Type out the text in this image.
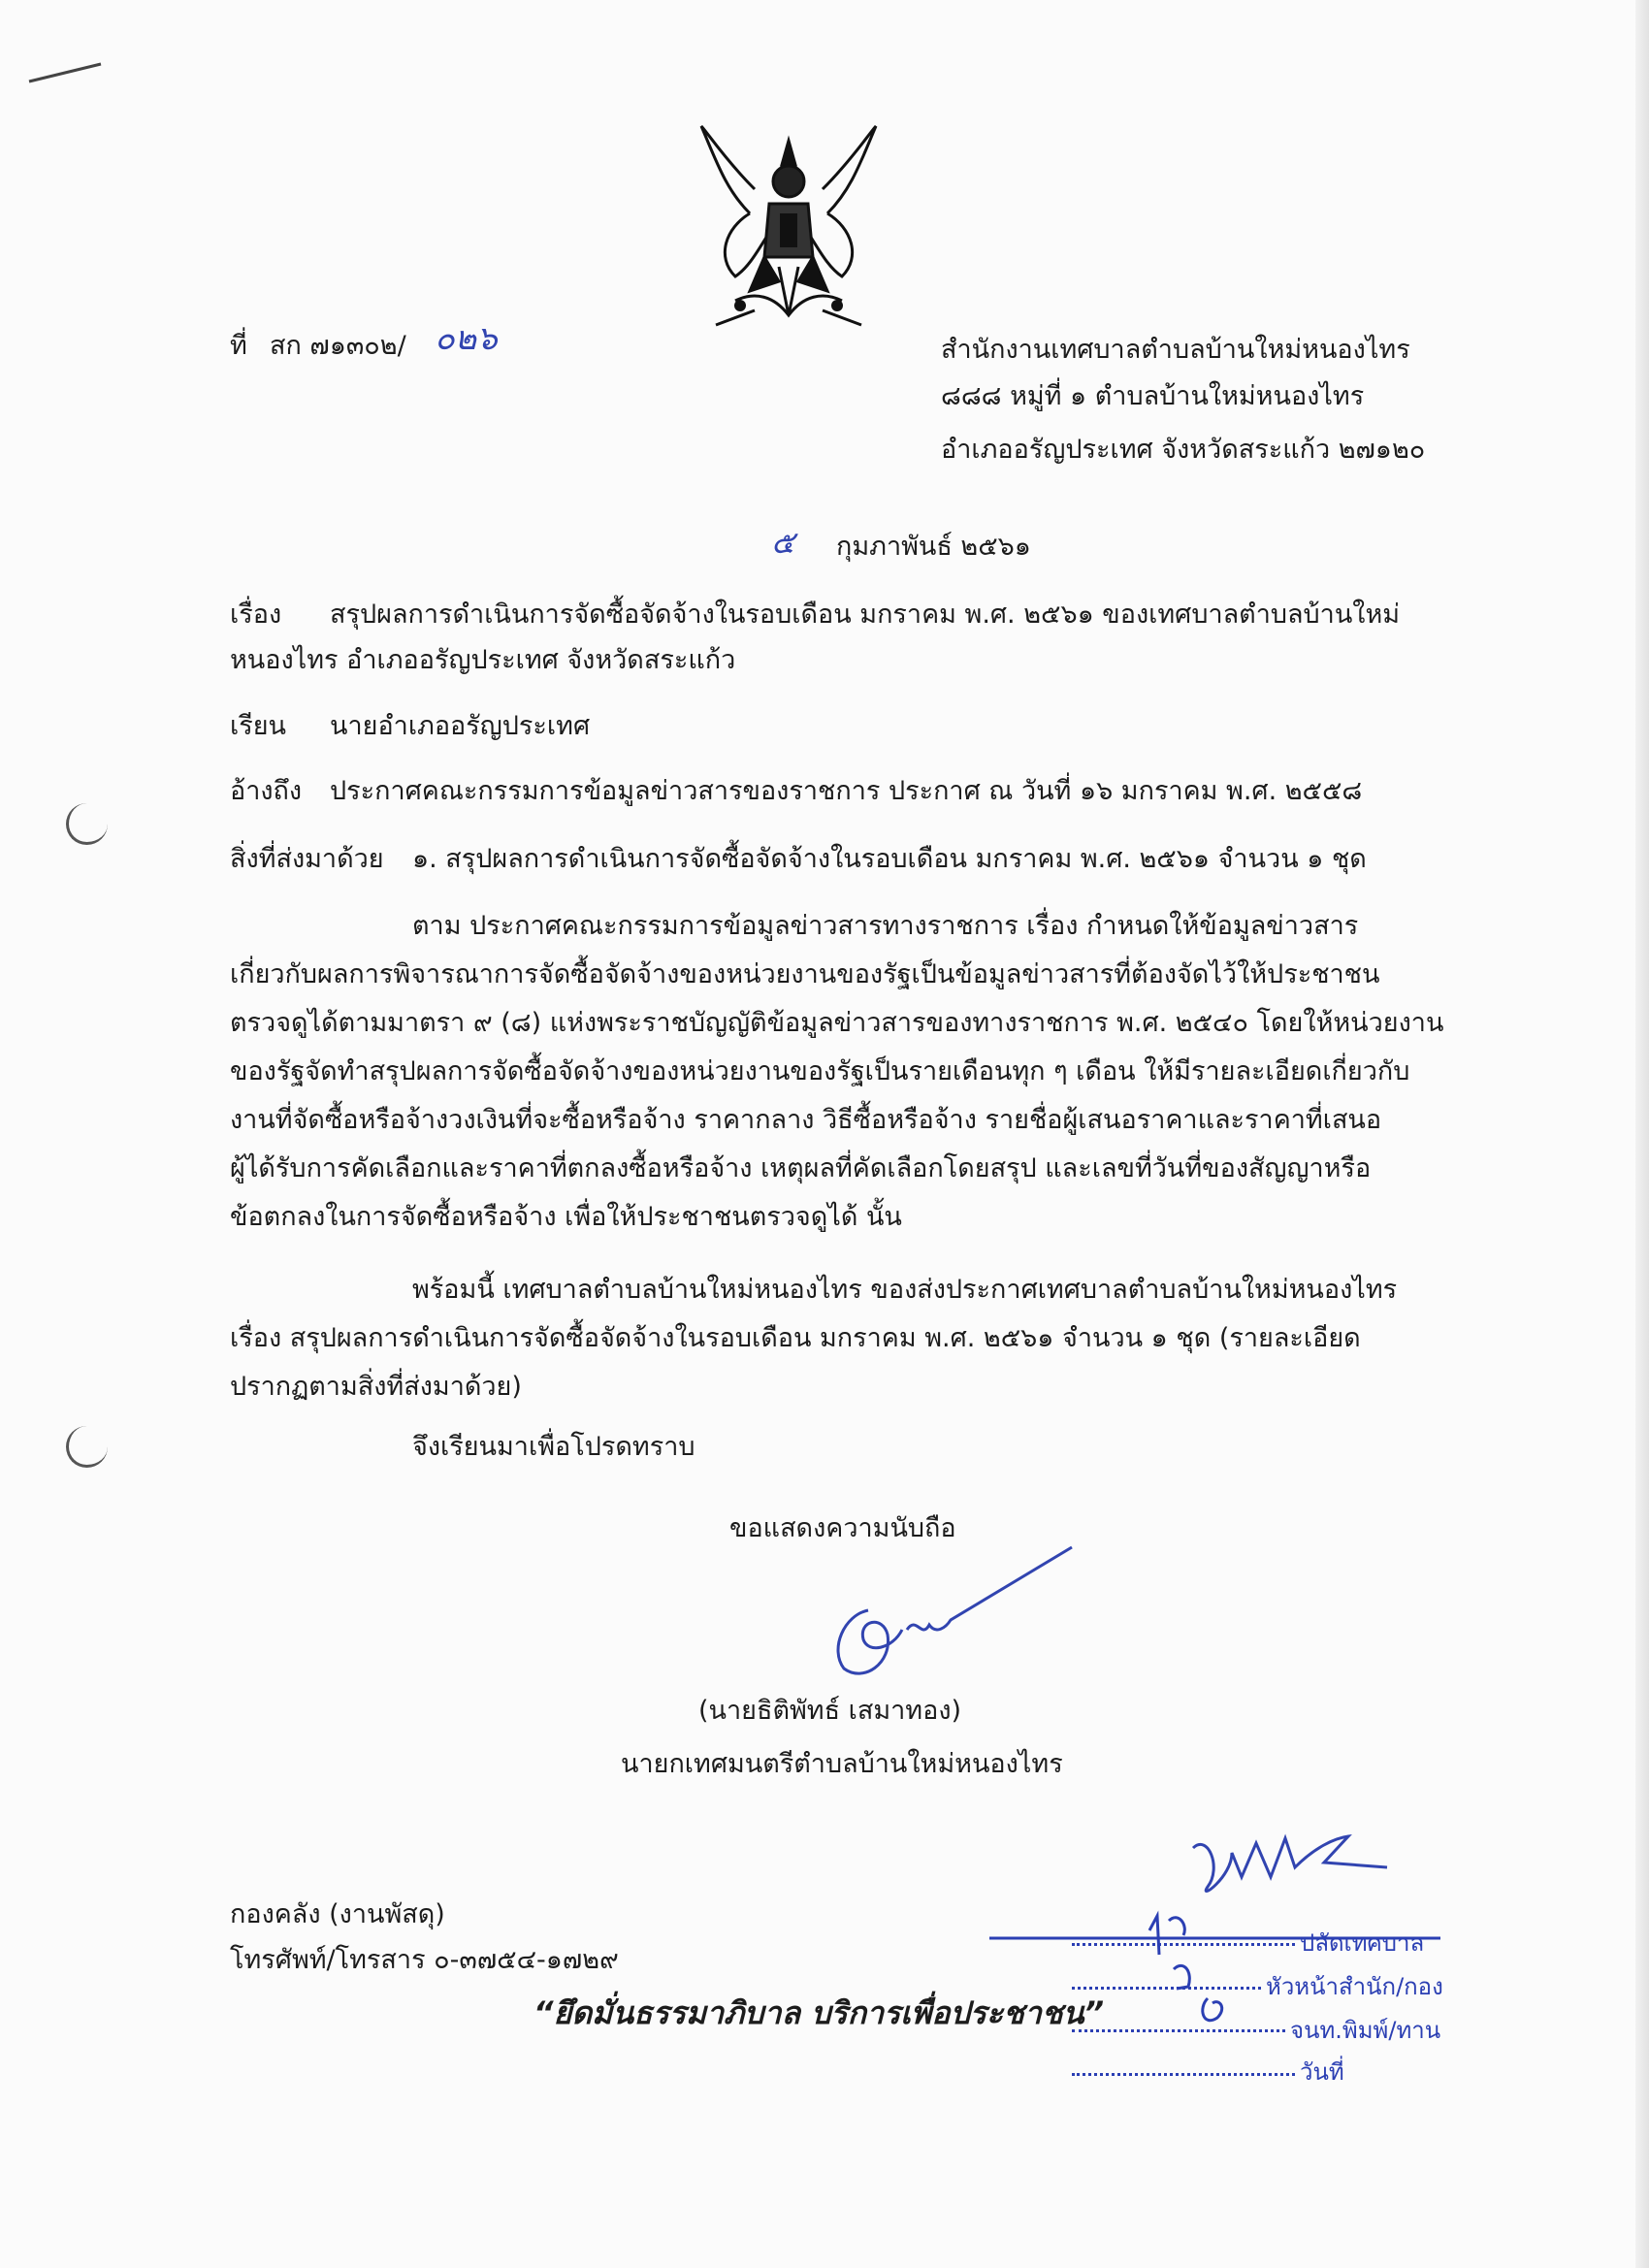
ที่ สก ๗๑๓๐๒/ ๐๒๖	สำนักงานเทศบาลตำบลบ้านใหม่หนองไทร
๘๘๘ หมู่ที่ ๑ ตำบลบ้านใหม่หนองไทร
อำเภออรัญประเทศ จังหวัดสระแก้ว ๒๗๑๒๐
๕ กุมภาพันธ์ ๒๕๖๑
เรื่อง สรุปผลการดำเนินการจัดซื้อจัดจ้างในรอบเดือน มกราคม พ.ศ. ๒๕๖๑ ของเทศบาลตำบลบ้านใหม่
หนองไทร อำเภออรัญประเทศ จังหวัดสระแก้ว
เรียน นายอำเภออรัญประเทศ
อ้างถึง ประกาศคณะกรรมการข้อมูลข่าวสารของราชการ ประกาศ ณ วันที่ ๑๖ มกราคม พ.ศ. ๒๕๕๘
สิ่งที่ส่งมาด้วย ๑. สรุปผลการดำเนินการจัดซื้อจัดจ้างในรอบเดือน มกราคม พ.ศ. ๒๕๖๑ จำนวน ๑ ชุด
ตาม ประกาศคณะกรรมการข้อมูลข่าวสารทางราชการ เรื่อง กำหนดให้ข้อมูลข่าวสาร
เกี่ยวกับผลการพิจารณาการจัดซื้อจัดจ้างของหน่วยงานของรัฐเป็นข้อมูลข่าวสารที่ต้องจัดไว้ให้ประชาชน
ตรวจดูได้ตามมาตรา ๙ (๘) แห่งพระราชบัญญัติข้อมูลข่าวสารของทางราชการ พ.ศ. ๒๕๔๐ โดยให้หน่วยงาน
ของรัฐจัดทำสรุปผลการจัดซื้อจัดจ้างของหน่วยงานของรัฐเป็นรายเดือนทุก ๆ เดือน ให้มีรายละเอียดเกี่ยวกับ
งานที่จัดซื้อหรือจ้างวงเงินที่จะซื้อหรือจ้าง ราคากลาง วิธีซื้อหรือจ้าง รายชื่อผู้เสนอราคาและราคาที่เสนอ
ผู้ได้รับการคัดเลือกและราคาที่ตกลงซื้อหรือจ้าง เหตุผลที่คัดเลือกโดยสรุป และเลขที่วันที่ของสัญญาหรือ
ข้อตกลงในการจัดซื้อหรือจ้าง เพื่อให้ประชาชนตรวจดูได้ นั้น
พร้อมนี้ เทศบาลตำบลบ้านใหม่หนองไทร ของส่งประกาศเทศบาลตำบลบ้านใหม่หนองไทร
เรื่อง สรุปผลการดำเนินการจัดซื้อจัดจ้างในรอบเดือน มกราคม พ.ศ. ๒๕๖๑ จำนวน ๑ ชุด (รายละเอียด
ปรากฏตามสิ่งที่ส่งมาด้วย)
จึงเรียนมาเพื่อโปรดทราบ
ขอแสดงความนับถือ
(นายธิติพัทธ์ เสมาทอง)
นายกเทศมนตรีตำบลบ้านใหม่หนองไทร
กองคลัง (งานพัสดุ)
โทรศัพท์/โทรสาร ๐-๓๗๕๔-๑๗๒๙
“ยึดมั่นธรรมาภิบาล บริการเพื่อประชาชน”
ปลัดเทศบาล
หัวหน้าสำนัก/กอง
จนท.พิมพ์/ทาน
วันที่
